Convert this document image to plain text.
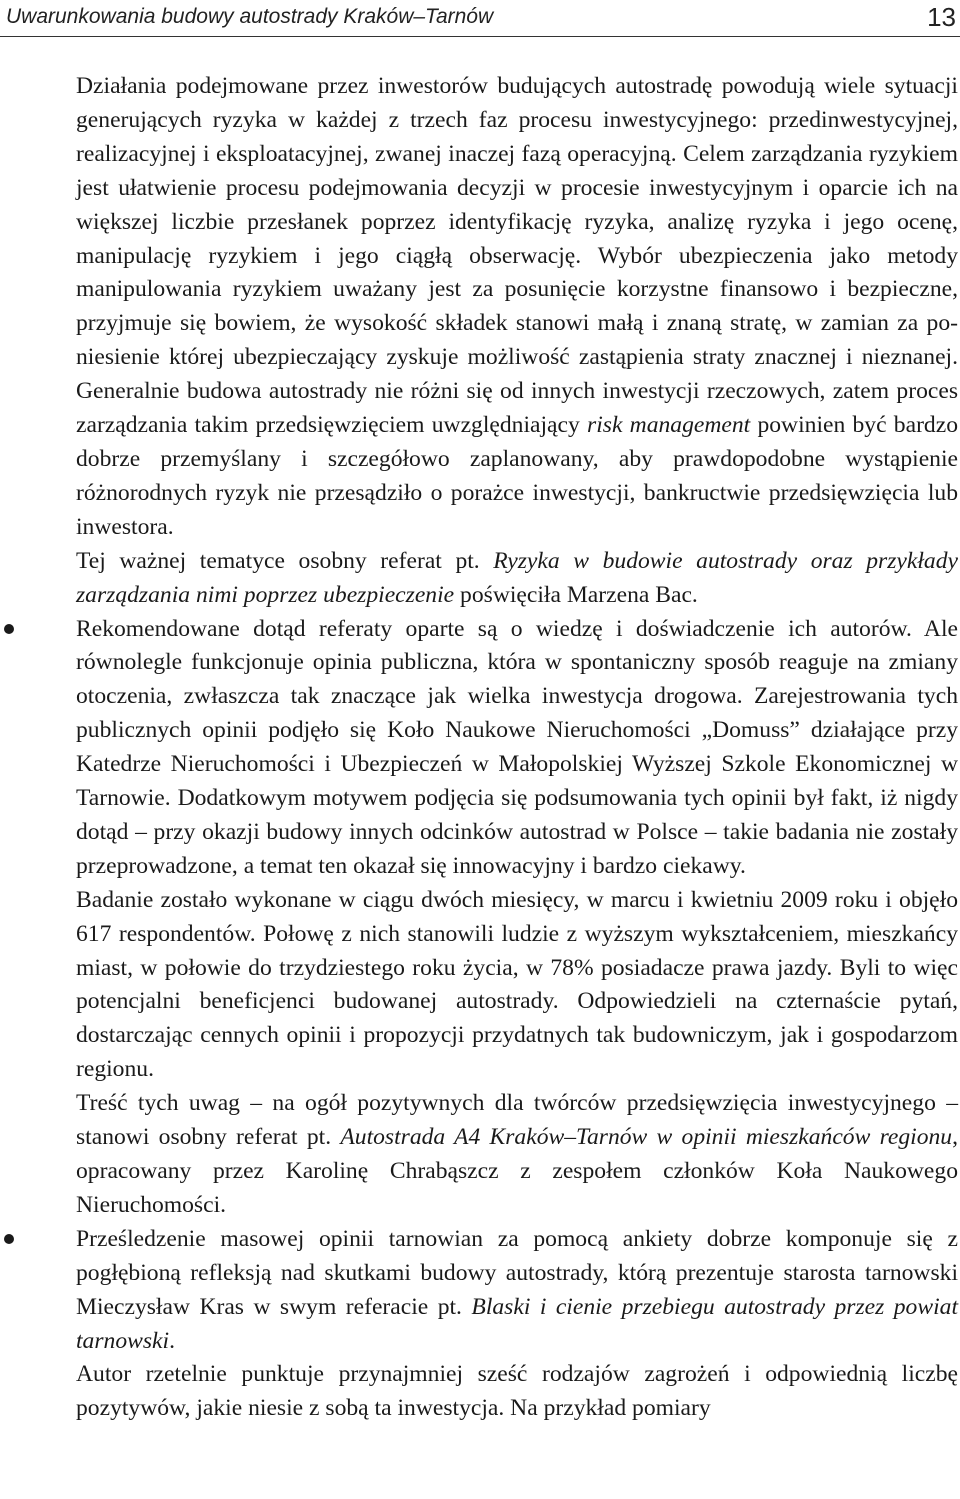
Uwarunkowania budowy autostrady Kraków–Tarnów	13

Działania podejmowane przez inwestorów budujących autostradę powodują wiele sytuacji generujących ryzyka w każdej z trzech faz procesu inwestycyjnego: przedinwestycyjnej, realizacyjnej i eksploatacyjnej, zwanej inaczej fazą operacyjną. Celem zarządzania ryzykiem jest ułatwienie procesu podejmowania decyzji w procesie inwestycyjnym i oparcie ich na większej liczbie przesłanek poprzez identyfikację ryzyka, analizę ryzyka i jego ocenę, manipulację ryzykiem i jego ciągłą obserwację. Wybór ubezpieczenia jako metody manipulowania ryzykiem uważany jest za posunięcie korzystne finansowo i bezpieczne, przyjmuje się bowiem, że wysokość składek stanowi małą i znaną stratę, w zamian za poniesienie której ubezpieczający zyskuje możliwość zastąpienia straty znacznej i nieznanej. Generalnie budowa autostrady nie różni się od innych inwestycji rzeczowych, zatem proces zarządzania takim przedsięwzięciem uwzględniający risk management powinien być bardzo dobrze przemyślany i szczegółowo zaplanowany, aby prawdopodobne wystąpienie różnorodnych ryzyk nie przesądziło o porażce inwestycji, bankructwie przedsięwzięcia lub inwestora.

Tej ważnej tematyce osobny referat pt. Ryzyka w budowie autostrady oraz przykłady zarządzania nimi poprzez ubezpieczenie poświęciła Marzena Bac.

Rekomendowane dotąd referaty oparte są o wiedzę i doświadczenie ich autorów. Ale równolegle funkcjonuje opinia publiczna, która w spontaniczny sposób reaguje na zmiany otoczenia, zwłaszcza tak znaczące jak wielka inwestycja drogowa. Zarejestrowania tych publicznych opinii podjęło się Koło Naukowe Nieruchomości „Domuss” działające przy Katedrze Nieruchomości i Ubezpieczeń w Małopolskiej Wyższej Szkole Ekonomicznej w Tarnowie. Dodatkowym motywem podjęcia się podsumowania tych opinii był fakt, iż nigdy dotąd – przy okazji budowy innych odcinków autostrad w Polsce – takie badania nie zostały przeprowadzone, a temat ten okazał się innowacyjny i bardzo ciekawy.

Badanie zostało wykonane w ciągu dwóch miesięcy, w marcu i kwietniu 2009 roku i objęło 617 respondentów. Połowę z nich stanowili ludzie z wyższym wykształceniem, mieszkańcy miast, w połowie do trzydziestego roku życia, w 78% posiadacze prawa jazdy. Byli to więc potencjalni beneficjenci budowanej autostrady. Odpowiedzieli na czternaście pytań, dostarczając cennych opinii i propozycji przydatnych tak budowniczym, jak i gospodarzom regionu.

Treść tych uwag – na ogół pozytywnych dla twórców przedsięwzięcia inwestycyjnego – stanowi osobny referat pt. Autostrada A4 Kraków–Tarnów w opinii mieszkańców regionu, opracowany przez Karolinę Chrabąszcz z zespołem członków Koła Naukowego Nieruchomości.

Prześledzenie masowej opinii tarnowian za pomocą ankiety dobrze komponuje się z pogłębioną refleksją nad skutkami budowy autostrady, którą prezentuje starosta tarnowski Mieczysław Kras w swym referacie pt. Blaski i cienie przebiegu autostrady przez powiat tarnowski.

Autor rzetelnie punktuje przynajmniej sześć rodzajów zagrożeń i odpowiednią liczbę pozytywów, jakie niesie z sobą ta inwestycja. Na przykład pomiary
